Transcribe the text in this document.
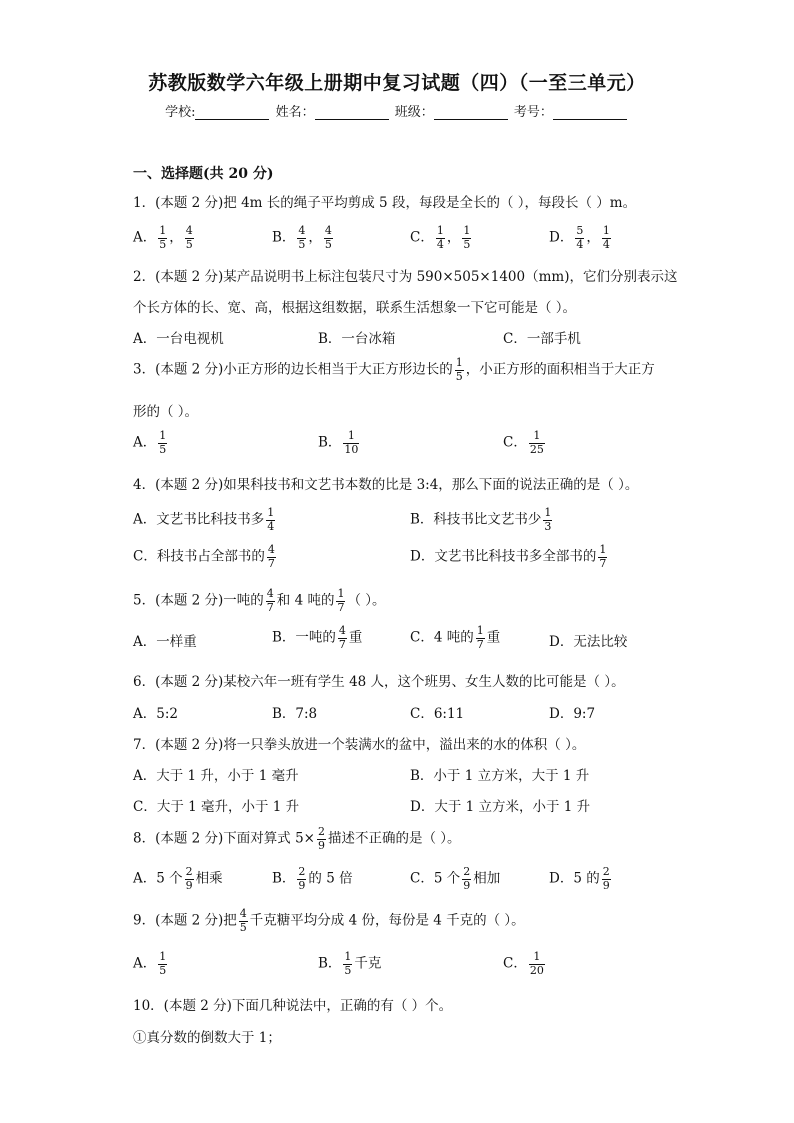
苏教版数学六年级上册期中复习试题（四）（一至三单元）
学校:	姓名：	班级：	考号：
一、选择题(共 20 分)
1．(本题 2 分)把 4m 长的绳子平均剪成 5 段，每段是全长的（ ），每段长（ ）m。
A． $\frac{1}{5}$ ， $\frac{4}{5}$	B． $\frac{4}{5}$ ， $\frac{4}{5}$	C． $\frac{1}{4}$ ， $\frac{1}{5}$	D． $\frac{5}{4}$ ， $\frac{1}{4}$
2．(本题 2 分)某产品说明书上标注包装尺寸为 590×505×1400（mm)，它们分别表示这
个长方体的长、宽、高，根据这组数据，联系生活想象一下它可能是（ ）。
A．一台电视机	B．一台冰箱	C．一部手机
3．(本题 2 分)小正方形的边长相当于大正方形边长的 $\frac{1}{5}$ ，小正方形的面积相当于大正方
形的（ ）。
A． $\frac{1}{5}$	B． $\frac{1}{10}$	C． $\frac{1}{25}$
4．(本题 2 分)如果科技书和文艺书本数的比是 3:4，那么下面的说法正确的是（ ）。
A．文艺书比科技书多 $\frac{1}{4}$	B．科技书比文艺书少 $\frac{1}{3}$
C．科技书占全部书的 $\frac{4}{7}$	D．文艺书比科技书多全部书的 $\frac{1}{7}$
5．(本题 2 分)一吨的 $\frac{4}{7}$ 和 4 吨的 $\frac{1}{7}$ （ ）。
A．一样重	B．一吨的 $\frac{4}{7}$ 重	C．4 吨的 $\frac{1}{7}$ 重	D．无法比较
6．(本题 2 分)某校六年一班有学生 48 人，这个班男、女生人数的比可能是（ ）。
A．5:2	B．7:8	C．6:11	D．9:7
7．(本题 2 分)将一只拳头放进一个装满水的盆中，溢出来的水的体积（ ）。
A．大于 1 升，小于 1 毫升	B．小于 1 立方米，大于 1 升
C．大于 1 毫升，小于 1 升	D．大于 1 立方米，小于 1 升
8．(本题 2 分)下面对算式 $5\times \frac{2}{9}$ 描述不正确的是（ ）。
A．5 个 $\frac{2}{9}$ 相乘	B． $\frac{2}{9}$ 的 5 倍	C．5 个 $\frac{2}{9}$ 相加	D．5 的 $\frac{2}{9}$
9．(本题 2 分)把 $\frac{4}{5}$ 千克糖平均分成 4 份，每份是 4 千克的（ ）。
A． $\frac{1}{5}$	B． $\frac{1}{5}$ 千克	C． $\frac{1}{20}$
10．(本题 2 分)下面几种说法中，正确的有（ ）个。
①真分数的倒数大于 1；
